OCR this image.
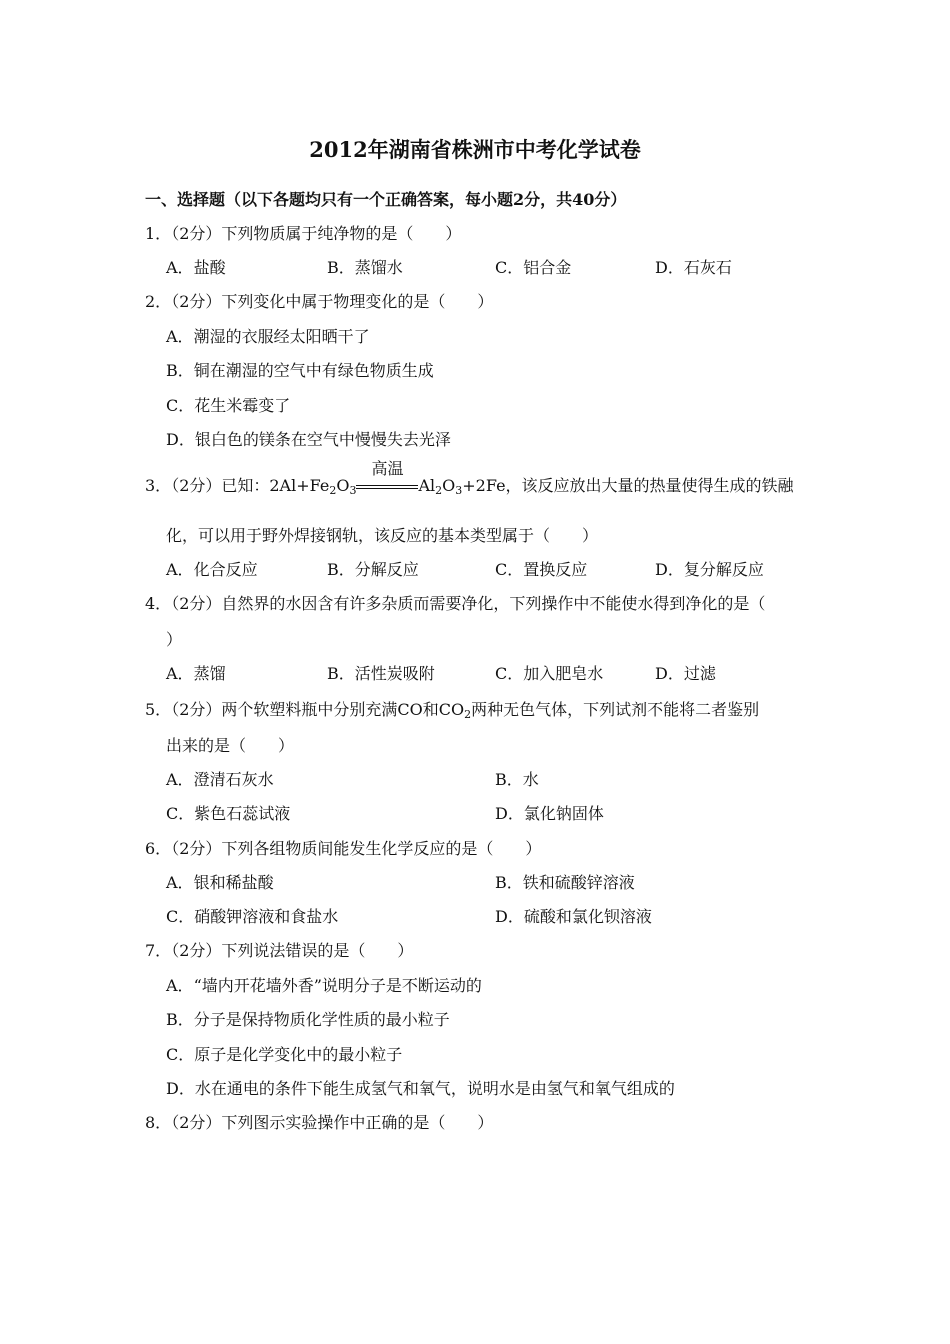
2012年湖南省株洲市中考化学试卷
一、选择题（以下各题均只有一个正确答案，每小题2分，共40分）
1．（2分）下列物质属于纯净物的是（　　）
A．盐酸	B．蒸馏水	C．铝合金	D．石灰石
2．（2分）下列变化中属于物理变化的是（　　）
A．潮湿的衣服经太阳晒干了
B．铜在潮湿的空气中有绿色物质生成
C．花生米霉变了
D．银白色的镁条在空气中慢慢失去光泽
3．（2分）已知：$2Al+Fe_2O_3$
高温
$Al_2O_3+2Fe$，该反应放出大量的热量使得生成的铁融
化，可以用于野外焊接钢轨，该反应的基本类型属于（　　）
A．化合反应	B．分解反应	C．置换反应	D．复分解反应
4．（2分）自然界的水因含有许多杂质而需要净化，下列操作中不能使水得到净化的是（
）
A．蒸馏	B．活性炭吸附	C．加入肥皂水	D．过滤
5．（2分）两个软塑料瓶中分别充满CO和$CO_2$两种无色气体，下列试剂不能将二者鉴别
出来的是（　　）
A．澄清石灰水	B．水
C．紫色石蕊试液	D．氯化钠固体
6．（2分）下列各组物质间能发生化学反应的是（　　）
A．银和稀盐酸	B．铁和硫酸锌溶液
C．硝酸钾溶液和食盐水	D．硫酸和氯化钡溶液
7．（2分）下列说法错误的是（　　）
A．“墙内开花墙外香”说明分子是不断运动的
B．分子是保持物质化学性质的最小粒子
C．原子是化学变化中的最小粒子
D．水在通电的条件下能生成氢气和氧气，说明水是由氢气和氧气组成的
8．（2分）下列图示实验操作中正确的是（　　）
